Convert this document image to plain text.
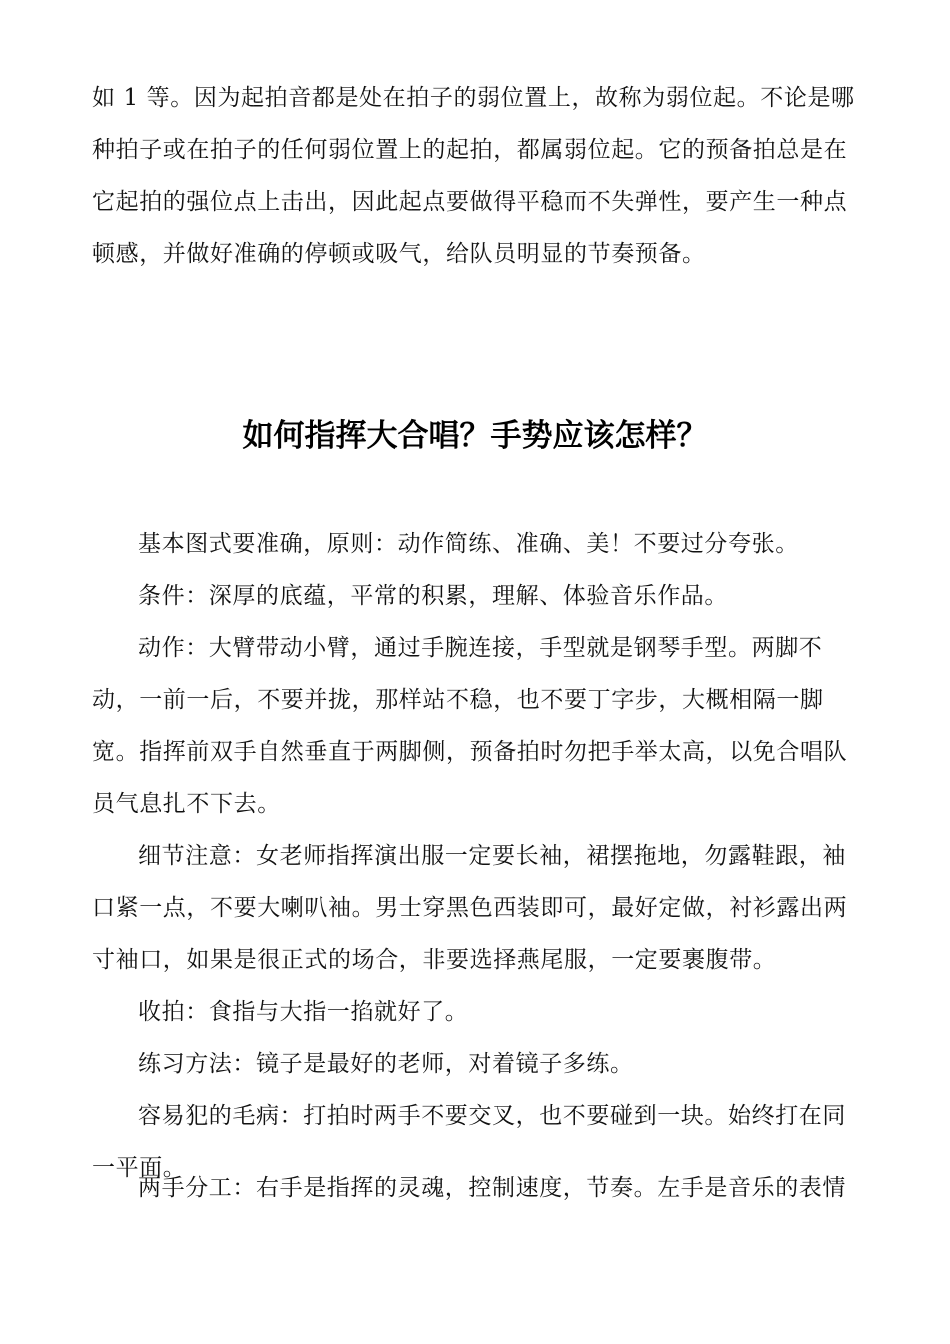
如 1 等。因为起拍音都是处在拍子的弱位置上，故称为弱位起。不论是哪种拍子或在拍子的任何弱位置上的起拍，都属弱位起。它的预备拍总是在它起拍的强位点上击出，因此起点要做得平稳而不失弹性，要产生一种点顿感，并做好准确的停顿或吸气，给队员明显的节奏预备。

如何指挥大合唱？手势应该怎样？

基本图式要准确，原则：动作简练、准确、美！不要过分夸张。

条件：深厚的底蕴，平常的积累，理解、体验音乐作品。

动作：大臂带动小臂，通过手腕连接，手型就是钢琴手型。两脚不动，一前一后，不要并拢，那样站不稳，也不要丁字步，大概相隔一脚宽。指挥前双手自然垂直于两脚侧，预备拍时勿把手举太高，以免合唱队员气息扎不下去。

细节注意：女老师指挥演出服一定要长袖，裙摆拖地，勿露鞋跟，袖口紧一点，不要大喇叭袖。男士穿黑色西装即可，最好定做，衬衫露出两寸袖口，如果是很正式的场合，非要选择燕尾服，一定要裹腹带。

收拍：食指与大指一掐就好了。

练习方法：镜子是最好的老师，对着镜子多练。

容易犯的毛病：打拍时两手不要交叉，也不要碰到一块。始终打在同一平面。

两手分工：右手是指挥的灵魂，控制速度，节奏。左手是音乐的表情
